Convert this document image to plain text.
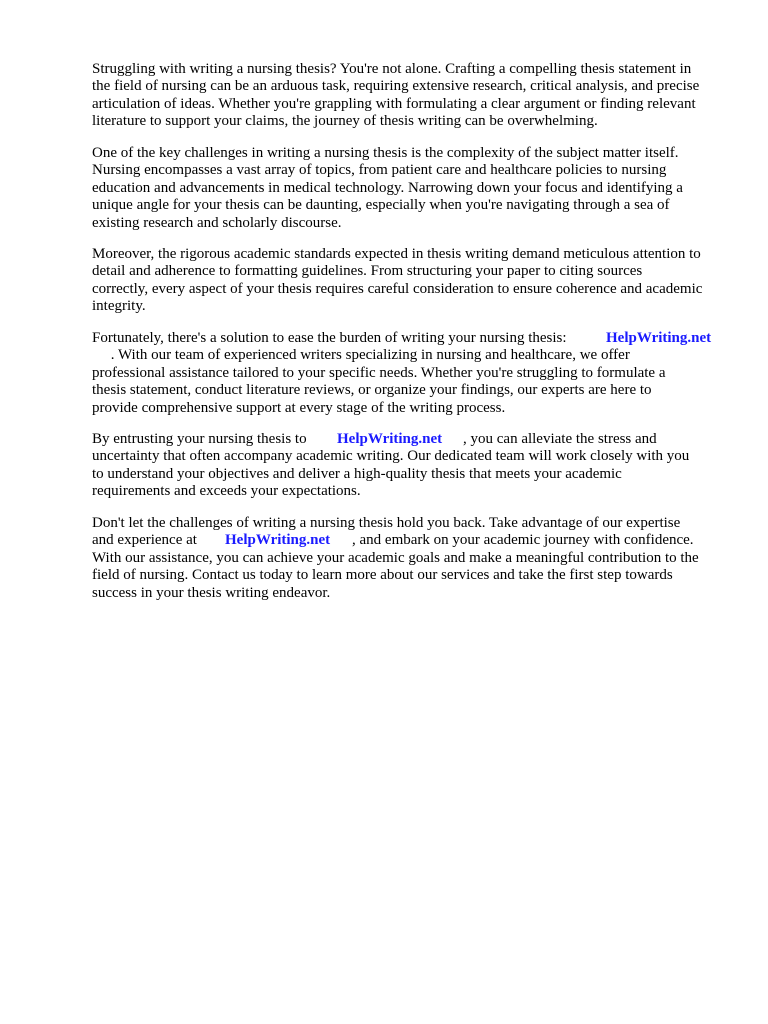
Struggling with writing a nursing thesis? You're not alone. Crafting a compelling thesis statement in
the field of nursing can be an arduous task, requiring extensive research, critical analysis, and precise
articulation of ideas. Whether you're grappling with formulating a clear argument or finding relevant
literature to support your claims, the journey of thesis writing can be overwhelming.

One of the key challenges in writing a nursing thesis is the complexity of the subject matter itself.
Nursing encompasses a vast array of topics, from patient care and healthcare policies to nursing
education and advancements in medical technology. Narrowing down your focus and identifying a
unique angle for your thesis can be daunting, especially when you're navigating through a sea of
existing research and scholarly discourse.

Moreover, the rigorous academic standards expected in thesis writing demand meticulous attention to
detail and adherence to formatting guidelines. From structuring your paper to citing sources
correctly, every aspect of your thesis requires careful consideration to ensure coherence and academic
integrity.

Fortunately, there's a solution to ease the burden of writing your nursing thesis:
. With our team of experienced writers specializing in nursing and healthcare, we offer
professional assistance tailored to your specific needs. Whether you're struggling to formulate a
thesis statement, conduct literature reviews, or organize your findings, our experts are here to
provide comprehensive support at every stage of the writing process.

HelpWriting.net

By entrusting your nursing thesis to
uncertainty that often accompany academic writing. Our dedicated team will work closely with you
to understand your objectives and deliver a high-quality thesis that meets your academic
requirements and exceeds your expectations.

HelpWriting.net , you can alleviate the stress and

Don't let the challenges of writing a nursing thesis hold you back. Take advantage of our expertise
and experience at
With our assistance, you can achieve your academic goals and make a meaningful contribution to the
field of nursing. Contact us today to learn more about our services and take the first step towards
success in your thesis writing endeavor.

HelpWriting.net , and embark on your academic journey with confidence.
